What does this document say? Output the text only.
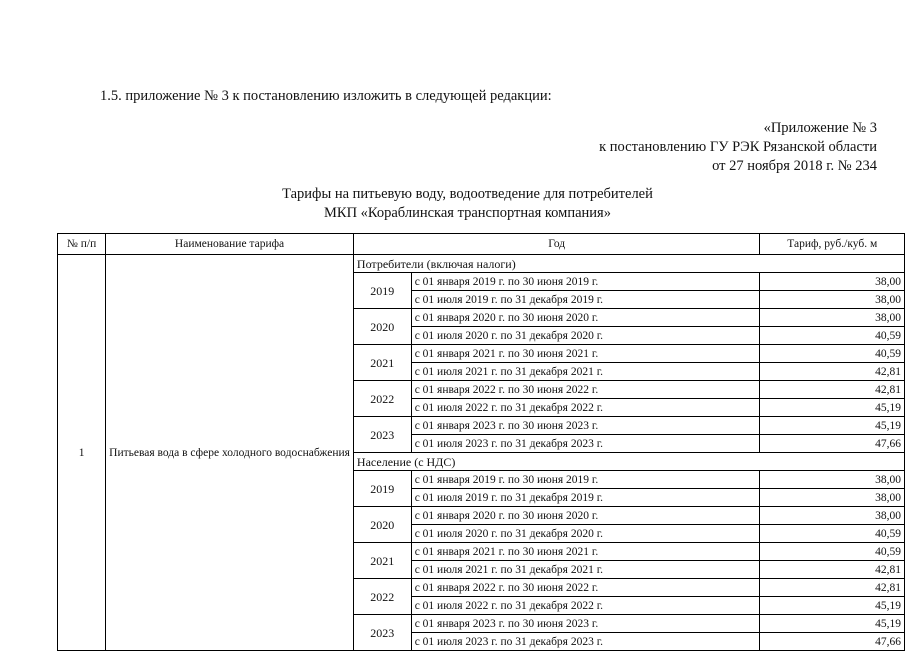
1.5. приложение № 3 к постановлению изложить в следующей редакции:
«Приложение № 3
к постановлению ГУ РЭК Рязанской области
от 27 ноября 2018 г. № 234
Тарифы на питьевую воду, водоотведение для потребителей
МКП «Кораблинская транспортная компания»
№ п/п	Наименование тарифа	Год		Тариф, руб./куб. м
1	Питьевая вода в сфере холодного водоснабжения	Потребители (включая налоги)		
		2019	с 01 января 2019 г. по 30 июня 2019 г.	38,00
			с 01 июля 2019 г. по 31 декабря 2019 г.	38,00
		2020	с 01 января 2020 г. по 30 июня 2020 г.	38,00
			с 01 июля 2020 г. по 31 декабря 2020 г.	40,59
		2021	с 01 января 2021 г. по 30 июня 2021 г.	40,59
			с 01 июля 2021 г. по 31 декабря 2021 г.	42,81
		2022	с 01 января 2022 г. по 30 июня 2022 г.	42,81
			с 01 июля 2022 г. по 31 декабря 2022 г.	45,19
		2023	с 01 января 2023 г. по 30 июня 2023 г.	45,19
			с 01 июля 2023 г. по 31 декабря 2023 г.	47,66
		Население (с НДС)		
		2019	с 01 января 2019 г. по 30 июня 2019 г.	38,00
			с 01 июля 2019 г. по 31 декабря 2019 г.	38,00
		2020	с 01 января 2020 г. по 30 июня 2020 г.	38,00
			с 01 июля 2020 г. по 31 декабря 2020 г.	40,59
		2021	с 01 января 2021 г. по 30 июня 2021 г.	40,59
			с 01 июля 2021 г. по 31 декабря 2021 г.	42,81
		2022	с 01 января 2022 г. по 30 июня 2022 г.	42,81
			с 01 июля 2022 г. по 31 декабря 2022 г.	45,19
		2023	с 01 января 2023 г. по 30 июня 2023 г.	45,19
			с 01 июля 2023 г. по 31 декабря 2023 г.	47,66
